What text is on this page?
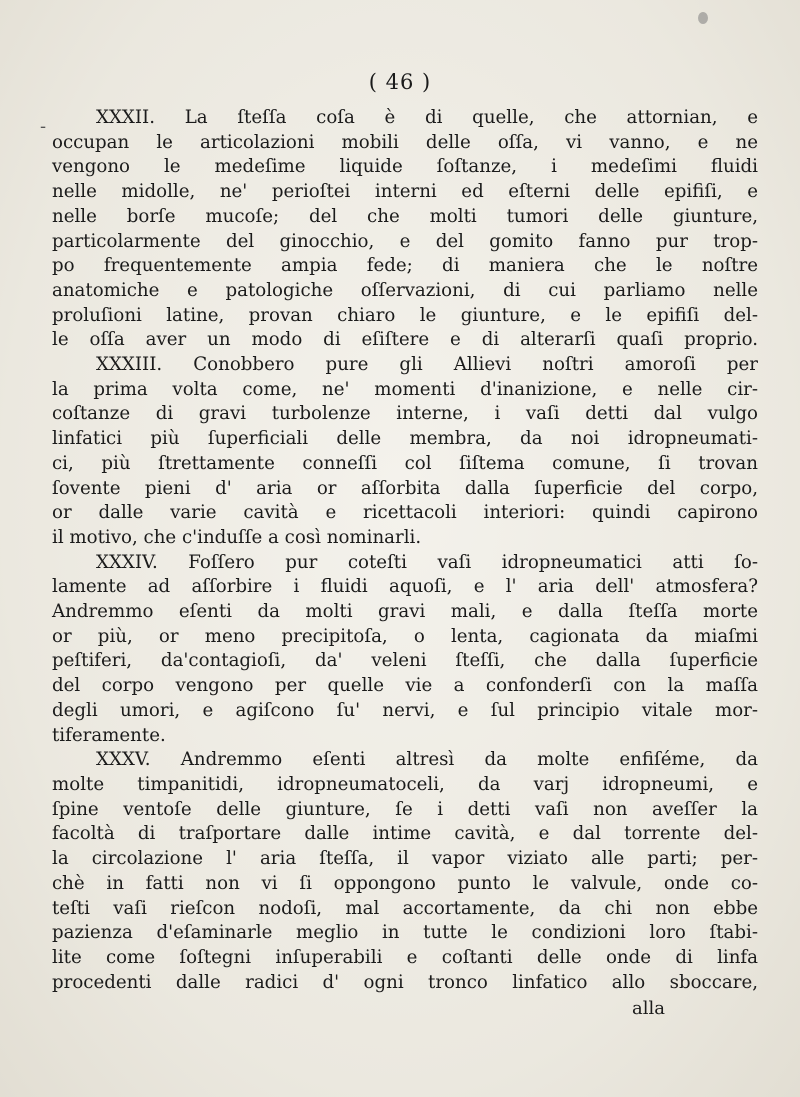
-
( 46 )
XXXII. La ſteſſa coſa è di quelle, che attornian, e
occupan le articolazioni mobili delle oſſa, vi vanno, e ne
vengono le medeſime liquide ſoſtanze, i medeſimi fluidi
nelle midolle, ne' perioſtei interni ed eſterni delle epifiſi, e
nelle borſe mucoſe; del che molti tumori delle giunture,
particolarmente del ginocchio, e del gomito fanno pur trop-
po frequentemente ampia fede; di maniera che le noſtre
anatomiche e patologiche oſſervazioni, di cui parliamo nelle
proluſioni latine, provan chiaro le giunture, e le epifiſi del-
le oſſa aver un modo di eſiſtere e di alterarſi quaſi proprio.
XXXIII. Conobbero pure gli Allievi noſtri amoroſi per
la prima volta come, ne' momenti d'inanizione, e nelle cir-
coſtanze di gravi turbolenze interne, i vaſi detti dal vulgo
linfatici più ſuperficiali delle membra, da noi idropneumati-
ci, più ſtrettamente conneſſi col ſiſtema comune, ſi trovan
ſovente pieni d' aria or aſſorbita dalla ſuperficie del corpo,
or dalle varie cavità e ricettacoli interiori: quindi capirono
il motivo, che c'induſſe a così nominarli.
XXXIV. Foſſero pur coteſti vaſi idropneumatici atti ſo-
lamente ad aſſorbire i fluidi aquoſi, e l' aria dell' atmosfera?
Andremmo eſenti da molti gravi mali, e dalla ſteſſa morte
or più, or meno precipitoſa, o lenta, cagionata da miaſmi
peſtiferi, da'contagioſi, da' veleni ſteſſi, che dalla ſuperficie
del corpo vengono per quelle vie a confonderſi con la maſſa
degli umori, e agiſcono ſu' nervi, e ſul principio vitale mor-
tiferamente.
XXXV. Andremmo eſenti altresì da molte enfiſéme, da
molte timpanitidi, idropneumatoceli, da varj idropneumi, e
ſpine ventoſe delle giunture, ſe i detti vaſi non aveſſer la
facoltà di traſportare dalle intime cavità, e dal torrente del-
la circolazione l' aria ſteſſa, il vapor viziato alle parti; per-
chè in fatti non vi ſi oppongono punto le valvule, onde co-
teſti vaſi rieſcon nodoſi, mal accortamente, da chi non ebbe
pazienza d'eſaminarle meglio in tutte le condizioni loro ſtabi-
lite come ſoſtegni inſuperabili e coſtanti delle onde di linfa
procedenti dalle radici d' ogni tronco linfatico allo sboccare,
alla
